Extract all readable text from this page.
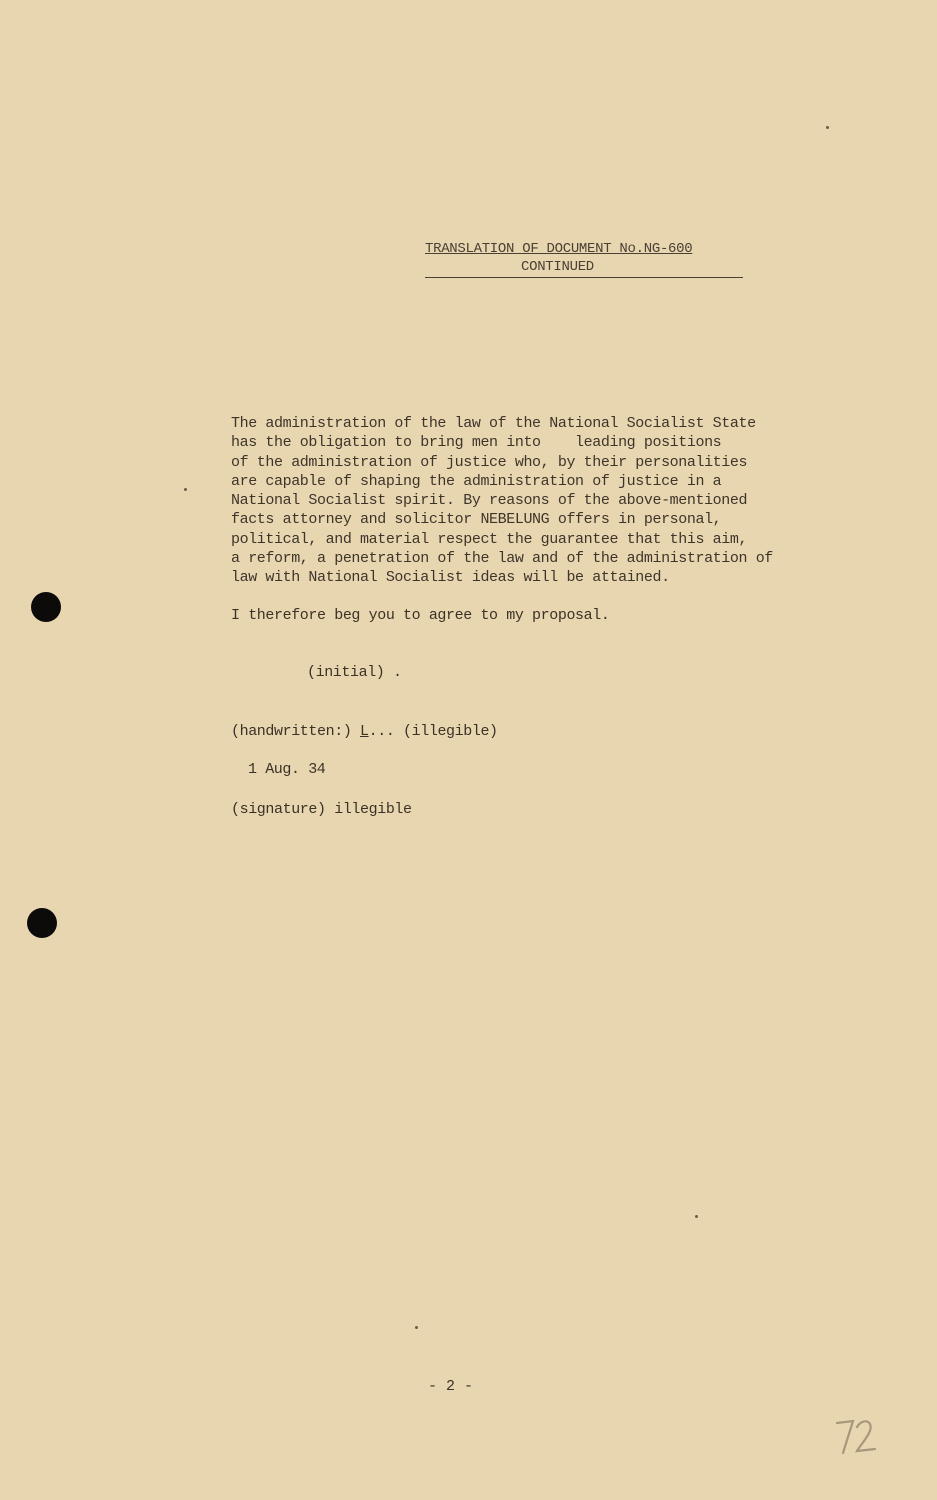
TRANSLATION OF DOCUMENT No.NG-600
CONTINUED
The administration of the law of the National Socialist State
has the obligation to bring men into    leading positions
of the administration of justice who, by their personalities
are capable of shaping the administration of justice in a
National Socialist spirit. By reasons of the above-mentioned
facts attorney and solicitor NEBELUNG offers in personal,
political, and material respect the guarantee that this aim,
a reform, a penetration of the law and of the administration of
law with National Socialist ideas will be attained.
I therefore beg you to agree to my proposal.
(initial) .
(handwritten:) L... (illegible)
1 Aug. 34
(signature) illegible
- 2 -
